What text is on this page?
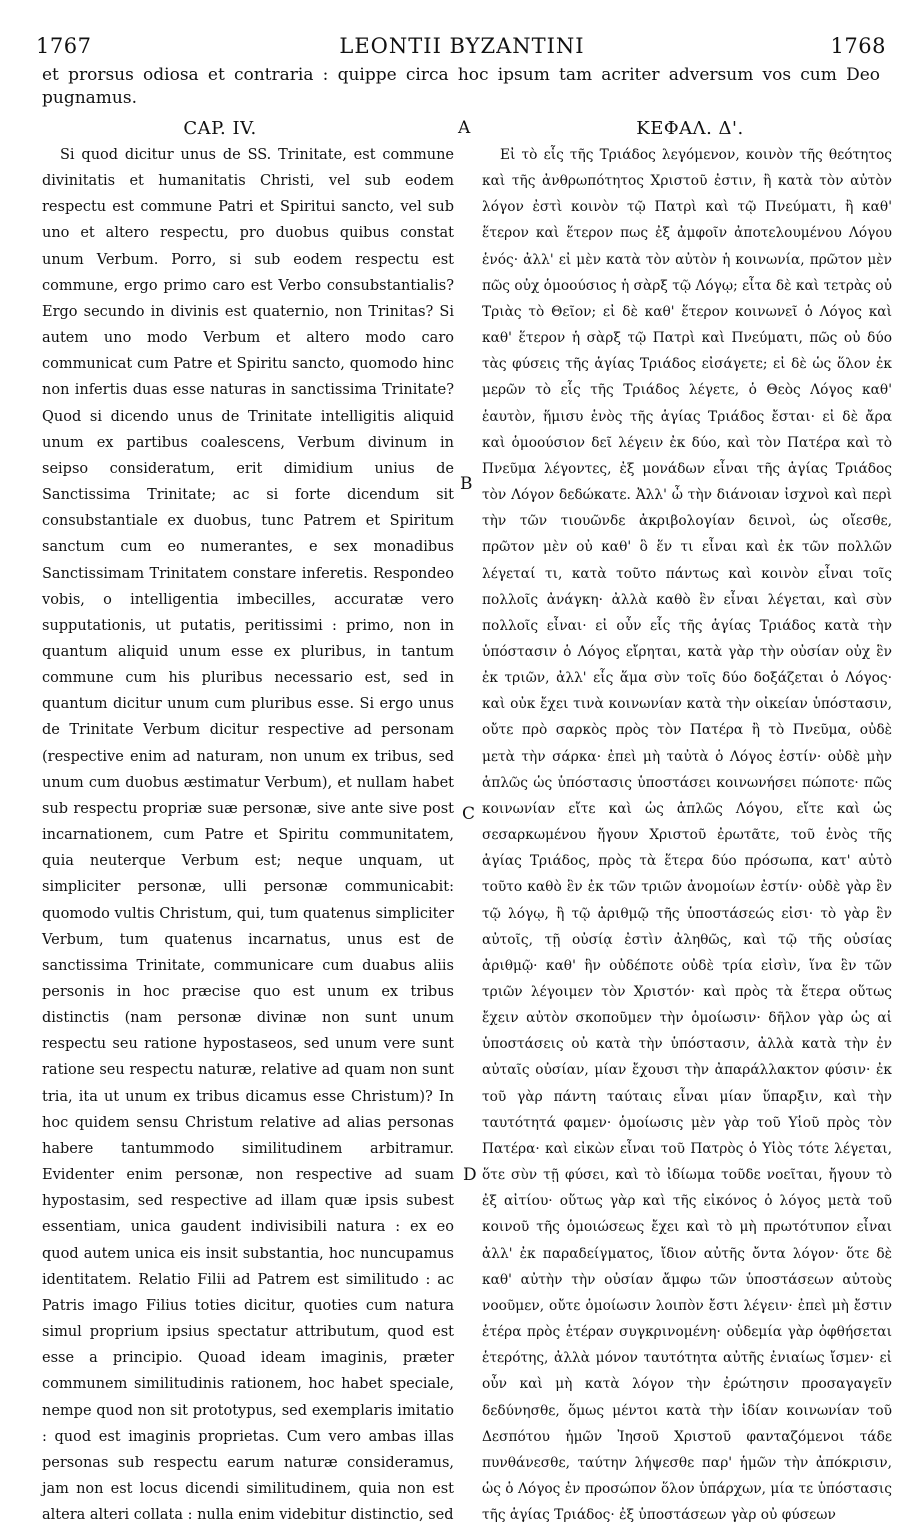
1767	LEONTII BYZANTINI	1768
et prorsus odiosa et contraria : quippe circa hoc ipsum tam acriter adversum vos cum Deo pugnamus.
CAP. IV.	ΚΕΦΑΛ. Δ'.
A
B
C
D

Si quod dicitur unus de SS. Trinitate, est commune divinitatis et humanitatis Christi, vel sub eodem respectu est commune Patri et Spiritui sancto, vel sub uno et altero respectu, pro duobus quibus constat unum Verbum. Porro, si sub eodem respectu est commune, ergo primo caro est Verbo consubstantialis? Ergo secundo in divinis est quaternio, non Trinitas? Si autem uno modo Verbum et altero modo caro communicat cum Patre et Spiritu sancto, quomodo hinc non infertis duas esse naturas in sanctissima Trinitate? Quod si dicendo unus de Trinitate intelligitis aliquid unum ex partibus coalescens, Verbum divinum in seipso consideratum, erit dimidium unius de Sanctissima Trinitate; ac si forte dicendum sit consubstantiale ex duobus, tunc Patrem et Spiritum sanctum cum eo numerantes, e sex monadibus Sanctissimam Trinitatem constare inferetis. Respondeo vobis, o intelligentia imbecilles, accuratæ vero supputationis, ut putatis, peritissimi : primo, non in quantum aliquid unum esse ex pluribus, in tantum commune cum his pluribus necessario est, sed in quantum dicitur unum cum pluribus esse. Si ergo unus de Trinitate Verbum dicitur respective ad personam (respective enim ad naturam, non unum ex tribus, sed unum cum duobus æstimatur Verbum), et nullam habet sub respectu propriæ suæ personæ, sive ante sive post incarnationem, cum Patre et Spiritu communitatem, quia neuterque Verbum est; neque unquam, ut simpliciter personæ, ulli personæ communicabit: quomodo vultis Christum, qui, tum quatenus simpliciter Verbum, tum quatenus incarnatus, unus est de sanctissima Trinitate, communicare cum duabus aliis personis in hoc præcise quo est unum ex tribus distinctis (nam personæ divinæ non sunt unum respectu seu ratione hypostaseos, sed unum vere sunt ratione seu respectu naturæ, relative ad quam non sunt tria, ita ut unum ex tribus dicamus esse Christum)? In hoc quidem sensu Christum relative ad alias personas habere tantummodo similitudinem arbitramur. Evidenter enim personæ, non respective ad suam hypostasim, sed respective ad illam quæ ipsis subest essentiam, unica gaudent indivisibili natura : ex eo quod autem unica eis insit substantia, hoc nuncupamus identitatem. Relatio Filii ad Patrem est similitudo : ac Patris imago Filius toties dicitur, quoties cum natura simul proprium ipsius spectatur attributum, quod est esse a principio. Quoad ideam imaginis, præter communem similitudinis rationem, hoc habet speciale, nempe quod non sit prototypus, sed exemplaris imitatio : quod est imaginis proprietas. Cum vero ambas illas personas sub respectu earum naturæ consideramus, jam non est locus dicendi similitudinem, quia non est altera alteri collata : nulla enim videbitur distinctio, sed

Εἰ τὸ εἷς τῆς Τριάδος λεγόμενον, κοινὸν τῆς θεότητος καὶ τῆς ἀνθρωπότητος Χριστοῦ ἐστιν, ἢ κατὰ τὸν αὐτὸν λόγον ἐστὶ κοινὸν τῷ Πατρὶ καὶ τῷ Πνεύματι, ἢ καθ' ἕτερον καὶ ἕτερον πως ἐξ ἀμφοῖν ἀποτελουμένου Λόγου ἑνός· ἀλλ' εἰ μὲν κατὰ τὸν αὐτὸν ἡ κοινωνία, πρῶτον μὲν πῶς οὐχ ὁμοούσιος ἡ σὰρξ τῷ Λόγῳ; εἶτα δὲ καὶ τετρὰς οὐ Τριὰς τὸ Θεῖον; εἰ δὲ καθ' ἕτερον κοινωνεῖ ὁ Λόγος καὶ καθ' ἕτερον ἡ σὰρξ τῷ Πατρὶ καὶ Πνεύματι, πῶς οὐ δύο τὰς φύσεις τῆς ἁγίας Τριάδος εἰσάγετε; εἰ δὲ ὡς ὅλον ἐκ μερῶν τὸ εἷς τῆς Τριάδος λέγετε, ὁ Θεὸς Λόγος καθ' ἑαυτὸν, ἥμισυ ἑνὸς τῆς ἁγίας Τριάδος ἔσται· εἰ δὲ ἄρα καὶ ὁμοούσιον δεῖ λέγειν ἐκ δύο, καὶ τὸν Πατέρα καὶ τὸ Πνεῦμα λέγοντες, ἐξ μονάδων εἶναι τῆς ἁγίας Τριάδος τὸν Λόγον δεδώκατε. Ἀλλ' ὦ τὴν διάνοιαν ἰσχνοὶ καὶ περὶ τὴν τῶν τιουῶνδε ἀκριβολογίαν δεινοὶ, ὡς οἴεσθε, πρῶτον μὲν οὐ καθ' ὃ ἕν τι εἶναι καὶ ἐκ τῶν πολλῶν λέγεταί τι, κατὰ τοῦτο πάντως καὶ κοινὸν εἶναι τοῖς πολλοῖς ἀνάγκη· ἀλλὰ καθὸ ἓν εἶναι λέγεται, καὶ σὺν πολλοῖς εἶναι· εἰ οὖν εἷς τῆς ἁγίας Τριάδος κατὰ τὴν ὑπόστασιν ὁ Λόγος εἴρηται, κατὰ γὰρ τὴν οὐσίαν οὐχ ἓν ἐκ τριῶν, ἀλλ' εἷς ἅμα σὺν τοῖς δύο δοξάζεται ὁ Λόγος· καὶ οὐκ ἔχει τινὰ κοινωνίαν κατὰ τὴν οἰκείαν ὑπόστασιν, οὔτε πρὸ σαρκὸς πρὸς τὸν Πατέρα ἢ τὸ Πνεῦμα, οὐδὲ μετὰ τὴν σάρκα· ἐπεὶ μὴ ταὐτὰ ὁ Λόγος ἐστίν· οὐδὲ μὴν ἁπλῶς ὡς ὑπόστασις ὑποστάσει κοινωνήσει πώποτε· πῶς κοινωνίαν εἴτε καὶ ὡς ἁπλῶς Λόγου, εἴτε καὶ ὡς σεσαρκωμένου ἤγουν Χριστοῦ ἐρωτᾶτε, τοῦ ἑνὸς τῆς ἁγίας Τριάδος, πρὸς τὰ ἕτερα δύο πρόσωπα, κατ' αὐτὸ τοῦτο καθὸ ἓν ἐκ τῶν τριῶν ἀνομοίων ἐστίν· οὐδὲ γὰρ ἓν τῷ λόγῳ, ἢ τῷ ἀριθμῷ τῆς ὑποστάσεώς εἰσι· τὸ γὰρ ἓν αὐτοῖς, τῇ οὐσίᾳ ἐστὶν ἀληθῶς, καὶ τῷ τῆς οὐσίας ἀριθμῷ· καθ' ἣν οὐδέποτε οὐδὲ τρία εἰσὶν, ἵνα ἓν τῶν τριῶν λέγοιμεν τὸν Χριστόν· καὶ πρὸς τὰ ἕτερα οὕτως ἔχειν αὐτὸν σκοποῦμεν τὴν ὁμοίωσιν· δῆλον γὰρ ὡς αἱ ὑποστάσεις οὐ κατὰ τὴν ὑπόστασιν, ἀλλὰ κατὰ τὴν ἐν αὐταῖς οὐσίαν, μίαν ἔχουσι τὴν ἀπαράλλακτον φύσιν· ἐκ τοῦ γὰρ πάντη ταύταις εἶναι μίαν ὕπαρξιν, καὶ τὴν ταυτότητά φαμεν· ὁμοίωσις μὲν γὰρ τοῦ Υἱοῦ πρὸς τὸν Πατέρα· καὶ εἰκὼν εἶναι τοῦ Πατρὸς ὁ Υἱὸς τότε λέγεται, ὅτε σὺν τῇ φύσει, καὶ τὸ ἰδίωμα τοῦδε νοεῖται, ἤγουν τὸ ἐξ αἰτίου· οὕτως γὰρ καὶ τῆς εἰκόνος ὁ λόγος μετὰ τοῦ κοινοῦ τῆς ὁμοιώσεως ἔχει καὶ τὸ μὴ πρωτότυπον εἶναι ἀλλ' ἐκ παραδείγματος, ἴδιον αὐτῆς ὄντα λόγον· ὅτε δὲ καθ' αὐτὴν τὴν οὐσίαν ἄμφω τῶν ὑποστάσεων αὐτοὺς νοοῦμεν, οὔτε ὁμοίωσιν λοιπὸν ἔστι λέγειν· ἐπεὶ μὴ ἔστιν ἑτέρα πρὸς ἑτέραν συγκρινομένη· οὐδεμία γὰρ ὀφθήσεται ἑτερότης, ἀλλὰ μόνον ταυτότητα αὐτῆς ἐνιαίως ἴσμεν· εἰ οὖν καὶ μὴ κατὰ λόγον τὴν ἐρώτησιν προσαγαγεῖν δεδύνησθε, ὅμως μέντοι κατὰ τὴν ἰδίαν κοινωνίαν τοῦ Δεσπότου ἡμῶν Ἰησοῦ Χριστοῦ φανταζόμενοι τάδε πυνθάνεσθε, ταύτην λήψεσθε παρ' ἡμῶν τὴν ἀπόκρισιν, ὡς ὁ Λόγος ἐν προσώπον ὅλον ὑπάρχων, μία τε ὑπόστασις τῆς ἁγίας Τριάδος· ἐξ ὑποστάσεων γὰρ οὐ φύσεων
